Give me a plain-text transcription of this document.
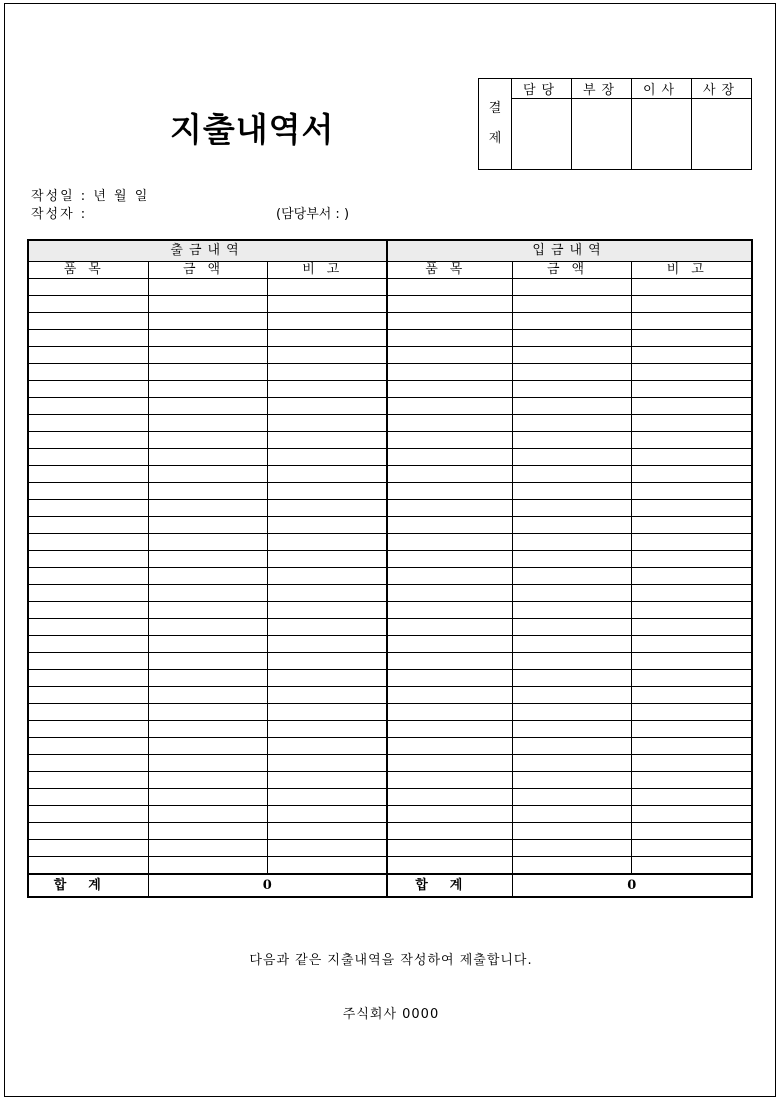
지출내역서
결
제	담당	부장	이사	사장

작성일 : 년 월 일
작성자 :	(담당부서 : )
출금내역			입금내역		
품목	금액	비고	품목	금액	비고

합계	0		합계	0	
다음과 같은 지출내역을 작성하여 제출합니다.
주식회사 0000
